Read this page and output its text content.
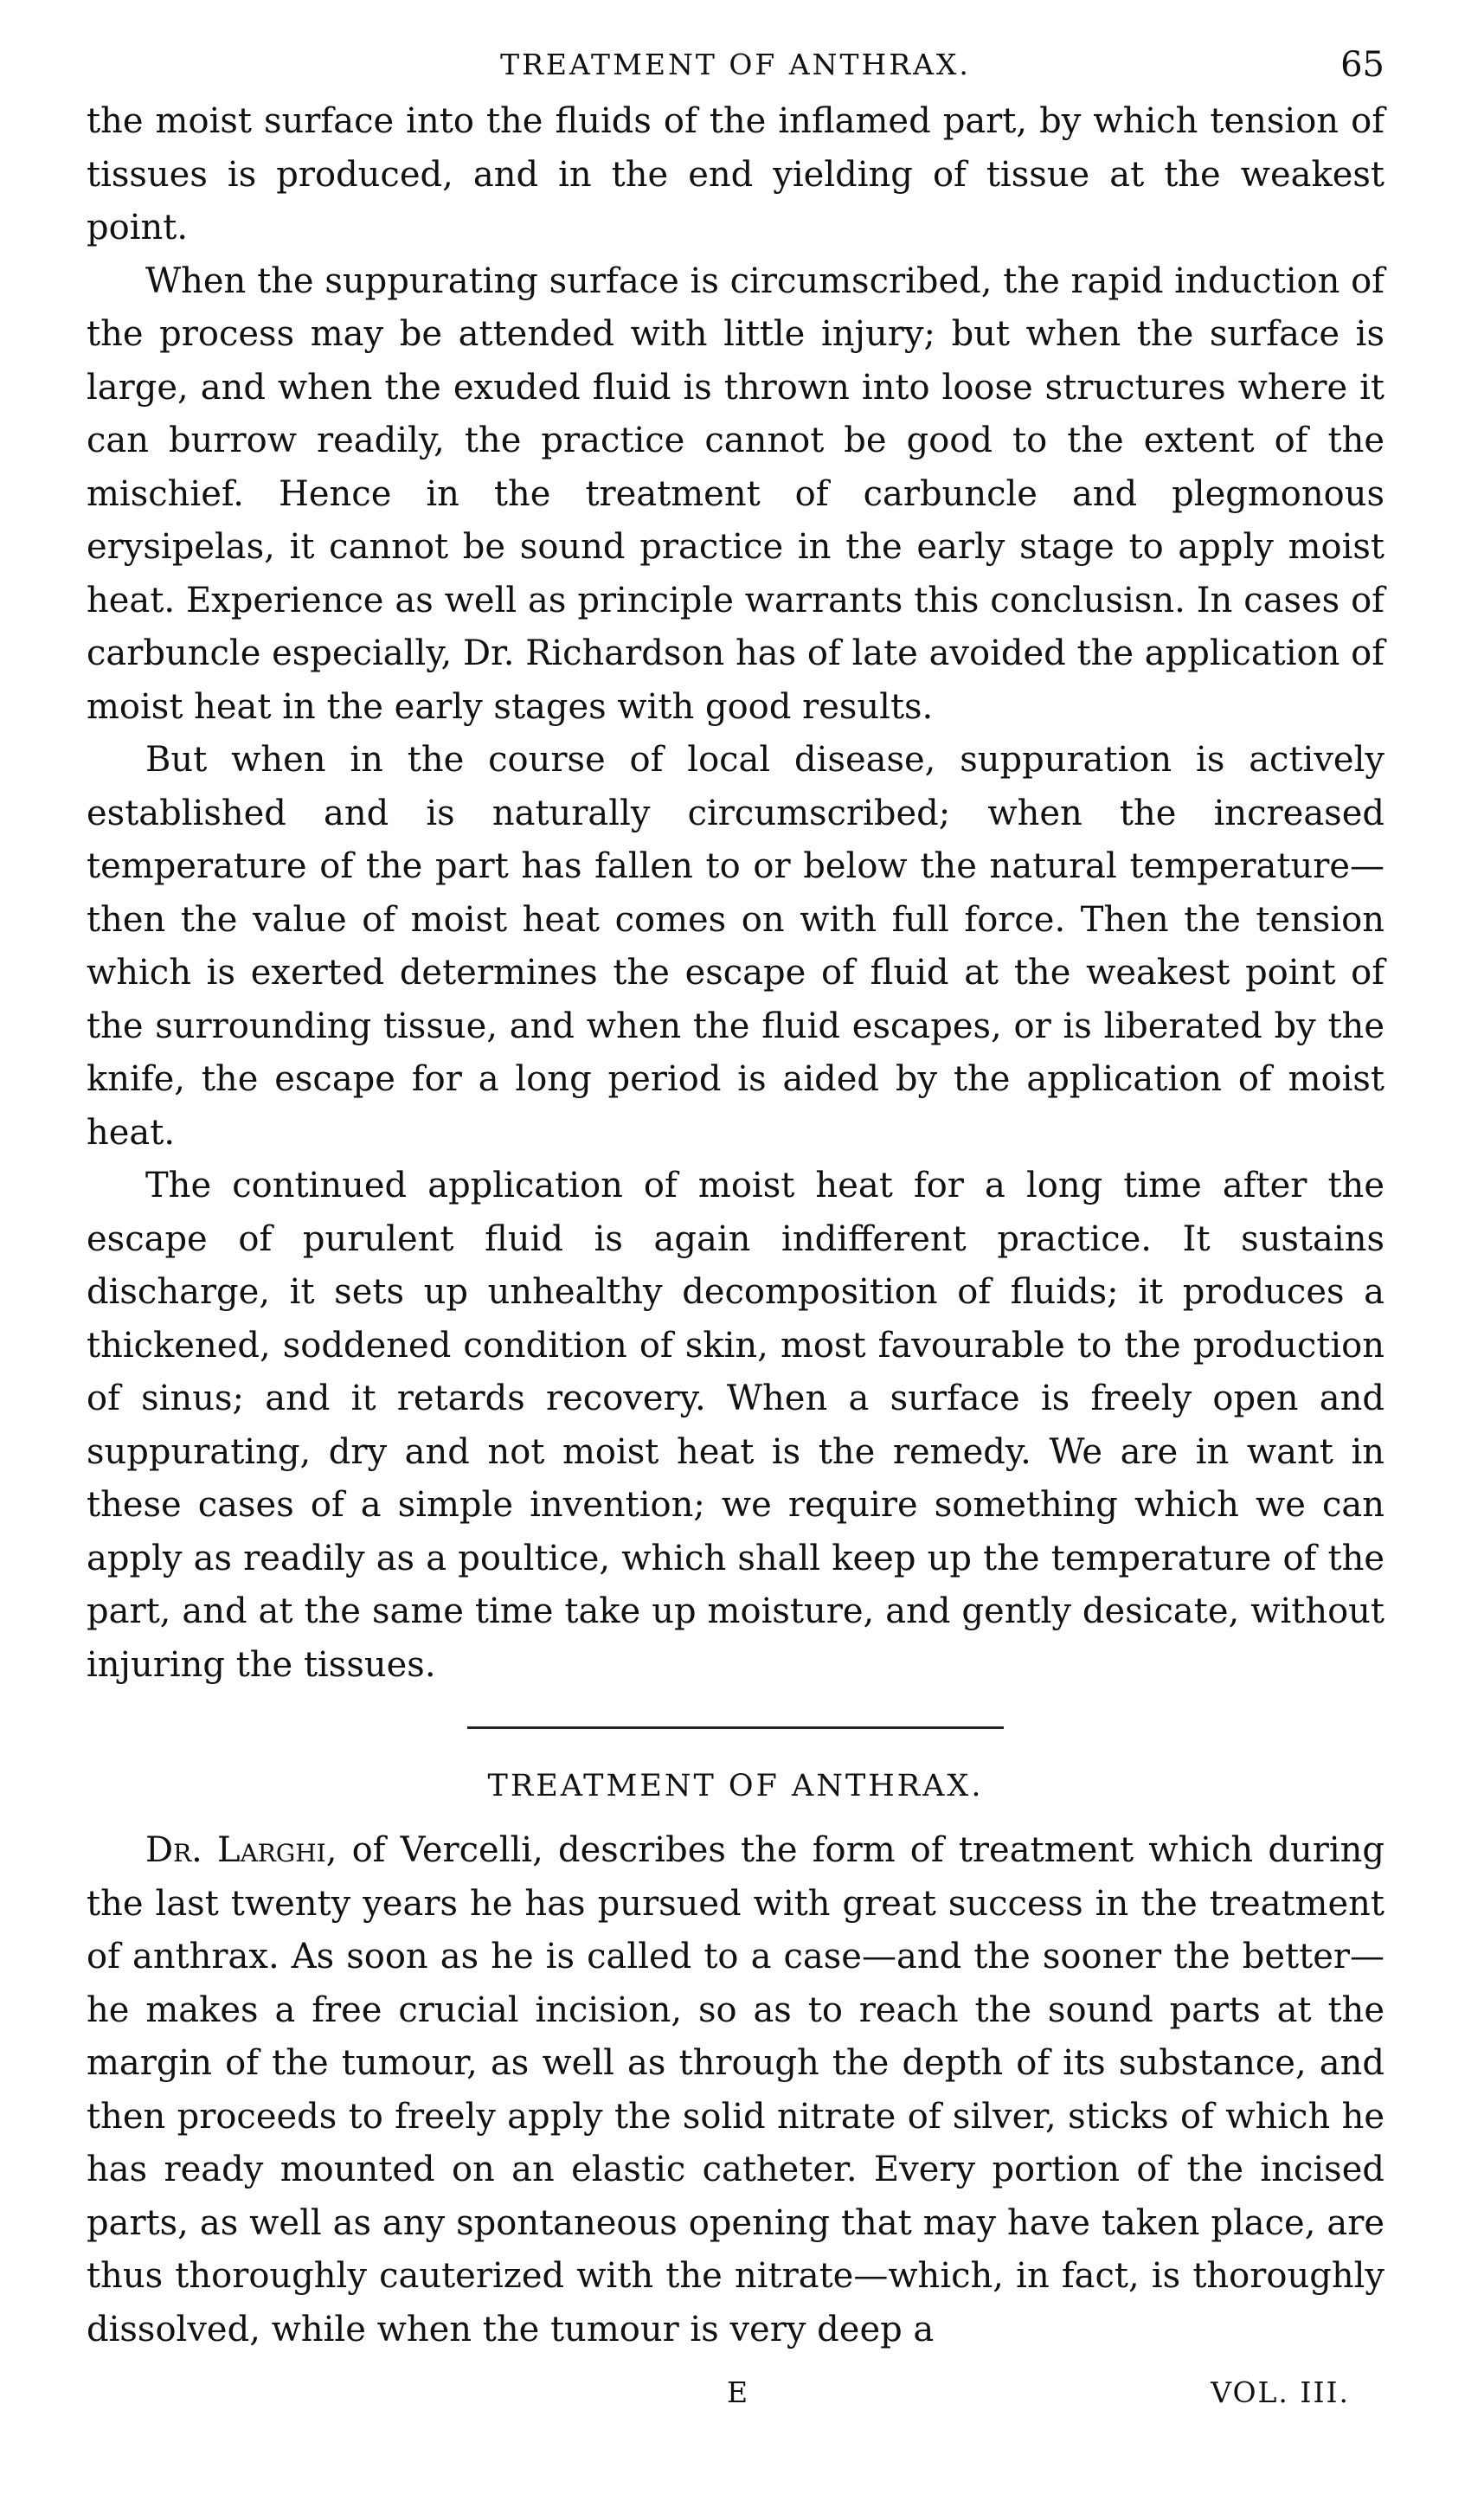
TREATMENT OF ANTHRAX.	65

the moist surface into the fluids of the inflamed part, by which tension of tissues is produced, and in the end yielding of tissue at the weakest point.

When the suppurating surface is circumscribed, the rapid induction of the process may be attended with little injury; but when the surface is large, and when the exuded fluid is thrown into loose structures where it can burrow readily, the practice cannot be good to the extent of the mischief. Hence in the treatment of carbuncle and plegmonous erysipelas, it cannot be sound practice in the early stage to apply moist heat. Experience as well as principle warrants this conclusisn. In cases of carbuncle especially, Dr. Richardson has of late avoided the application of moist heat in the early stages with good results.

But when in the course of local disease, suppuration is actively established and is naturally circumscribed; when the increased temperature of the part has fallen to or below the natural temperature—then the value of moist heat comes on with full force. Then the tension which is exerted determines the escape of fluid at the weakest point of the surrounding tissue, and when the fluid escapes, or is liberated by the knife, the escape for a long period is aided by the application of moist heat.

The continued application of moist heat for a long time after the escape of purulent fluid is again indifferent practice. It sustains discharge, it sets up unhealthy decomposition of fluids; it produces a thickened, soddened condition of skin, most favourable to the production of sinus; and it retards recovery. When a surface is freely open and suppurating, dry and not moist heat is the remedy. We are in want in these cases of a simple invention; we require something which we can apply as readily as a poultice, which shall keep up the temperature of the part, and at the same time take up moisture, and gently desicate, without injuring the tissues.

TREATMENT OF ANTHRAX.

Dr. Larghi, of Vercelli, describes the form of treatment which during the last twenty years he has pursued with great success in the treatment of anthrax. As soon as he is called to a case—and the sooner the better—he makes a free crucial incision, so as to reach the sound parts at the margin of the tumour, as well as through the depth of its substance, and then proceeds to freely apply the solid nitrate of silver, sticks of which he has ready mounted on an elastic catheter. Every portion of the incised parts, as well as any spontaneous opening that may have taken place, are thus thoroughly cauterized with the nitrate—which, in fact, is thoroughly dissolved, while when the tumour is very deep a

E	VOL. III.
